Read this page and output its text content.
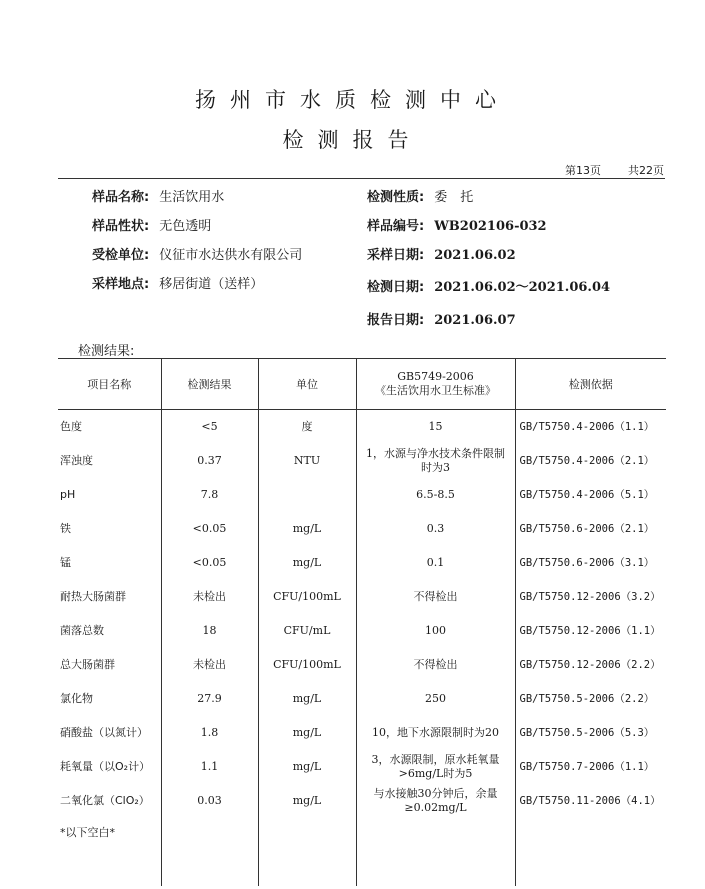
扬州市水质检测中心
检测报告
第13页 共22页
样品名称: 生活饮用水	检测性质: 委　托
样品性状: 无色透明	样品编号: WB202106-032
受检单位: 仪征市水达供水有限公司	采样日期: 2021.06.02
采样地点: 移居街道（送样）	检测日期: 2021.06.02～2021.06.04
报告日期: 2021.06.07
检测结果:
项目名称	检测结果	单位	GB5749-2006
《生活饮用水卫生标准》	检测依据
色度	<5	度	15	GB/T5750.4-2006（1.1）
浑浊度	0.37	NTU	1，水源与净水技术条件限制
时为3	GB/T5750.4-2006（2.1）
pH	7.8		6.5-8.5	GB/T5750.4-2006（5.1）
铁	<0.05	mg/L	0.3	GB/T5750.6-2006（2.1）
锰	<0.05	mg/L	0.1	GB/T5750.6-2006（3.1）
耐热大肠菌群	未检出	CFU/100mL	不得检出	GB/T5750.12-2006（3.2）
菌落总数	18	CFU/mL	100	GB/T5750.12-2006（1.1）
总大肠菌群	未检出	CFU/100mL	不得检出	GB/T5750.12-2006（2.2）
氯化物	27.9	mg/L	250	GB/T5750.5-2006（2.2）
硝酸盐（以氮计）	1.8	mg/L	10，地下水源限制时为20	GB/T5750.5-2006（5.3）
耗氧量（以O₂计）	1.1	mg/L	3，水源限制，原水耗氧量
>6mg/L时为5	GB/T5750.7-2006（1.1）
二氧化氯（ClO₂）	0.03	mg/L	与水接触30分钟后，余量
≥0.02mg/L	GB/T5750.11-2006（4.1）
*以下空白*				
